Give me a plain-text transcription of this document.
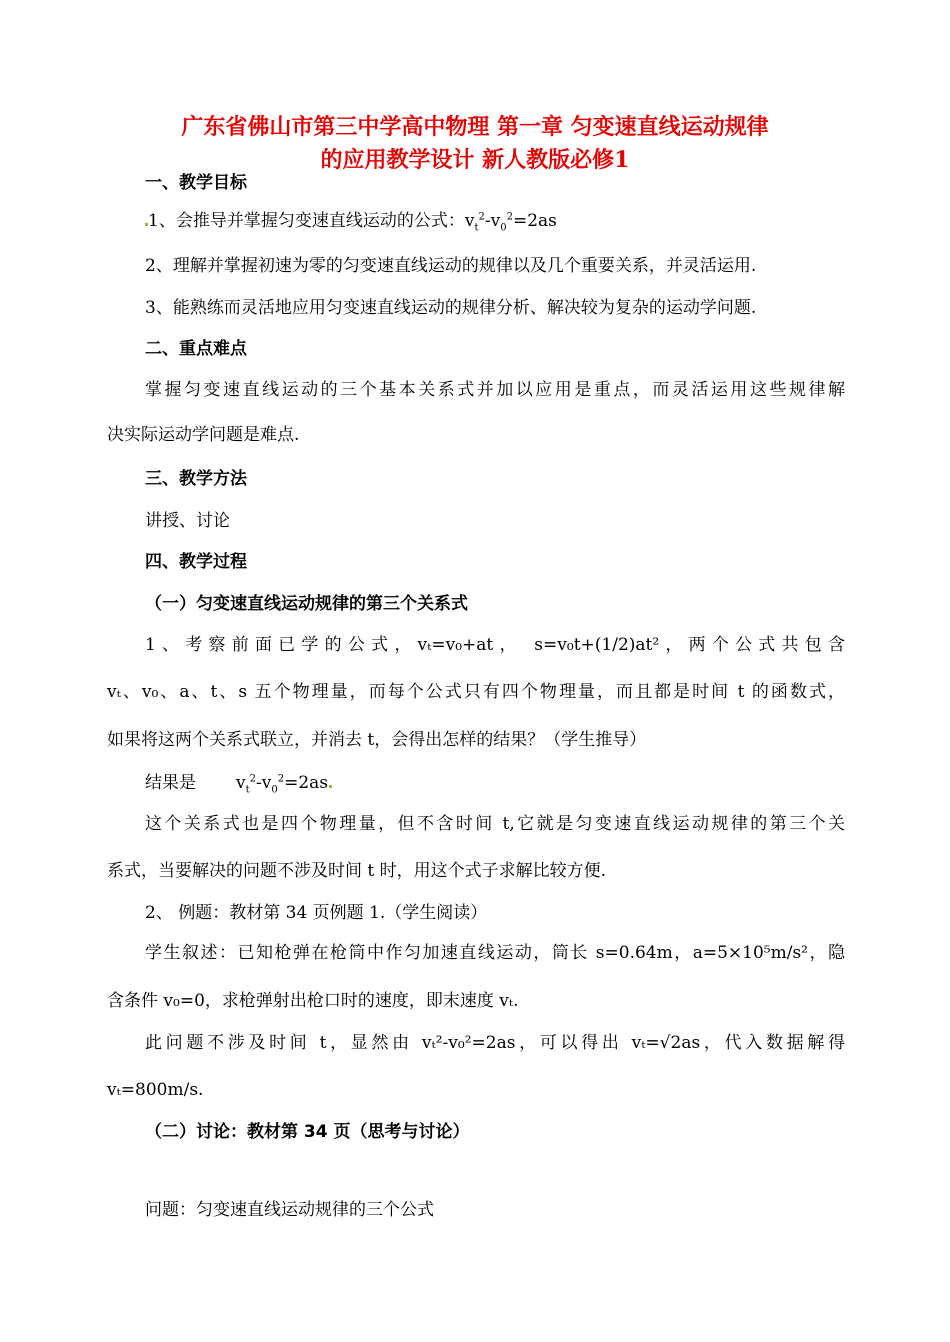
广东省佛山市第三中学高中物理 第一章 匀变速直线运动规律
的应用教学设计 新人教版必修1
一、教学目标
1、会推导并掌握匀变速直线运动的公式：$v_t^2-v_0^2=2as$
2、理解并掌握初速为零的匀变速直线运动的规律以及几个重要关系，并灵活运用.
3、能熟练而灵活地应用匀变速直线运动的规律分析、解决较为复杂的运动学问题.
二、重点难点
掌握匀变速直线运动的三个基本关系式并加以应用是重点，而灵活运用这些规律解
决实际运动学问题是难点.
三、教学方法
讲授、讨论
四、教学过程
（一）匀变速直线运动规律的第三个关系式
1、考察前面已学的公式，vₜ=v₀+at， s=v₀t+(1/2)at²，两个公式共包含
vₜ、v₀、a、t、s 五个物理量，而每个公式只有四个物理量，而且都是时间 t 的函数式，
如果将这两个关系式联立，并消去 t，会得出怎样的结果？（学生推导）
结果是 $v_t^2-v_0^2=2as$
这个关系式也是四个物理量，但不含时间 t,它就是匀变速直线运动规律的第三个关
系式，当要解决的问题不涉及时间 t 时，用这个式子求解比较方便.
2、 例题：教材第 34 页例题 1.（学生阅读）
学生叙述：已知枪弹在枪筒中作匀加速直线运动，筒长 s=0.64m，a=5×10⁵m/s²，隐
含条件 v₀=0，求枪弹射出枪口时的速度，即末速度 vₜ.
此问题不涉及时间 t，显然由 vₜ²-v₀²=2as，可以得出 vₜ=√2as，代入数据解得
vₜ=800m/s.
（二）讨论：教材第 34 页（思考与讨论）
问题：匀变速直线运动规律的三个公式
